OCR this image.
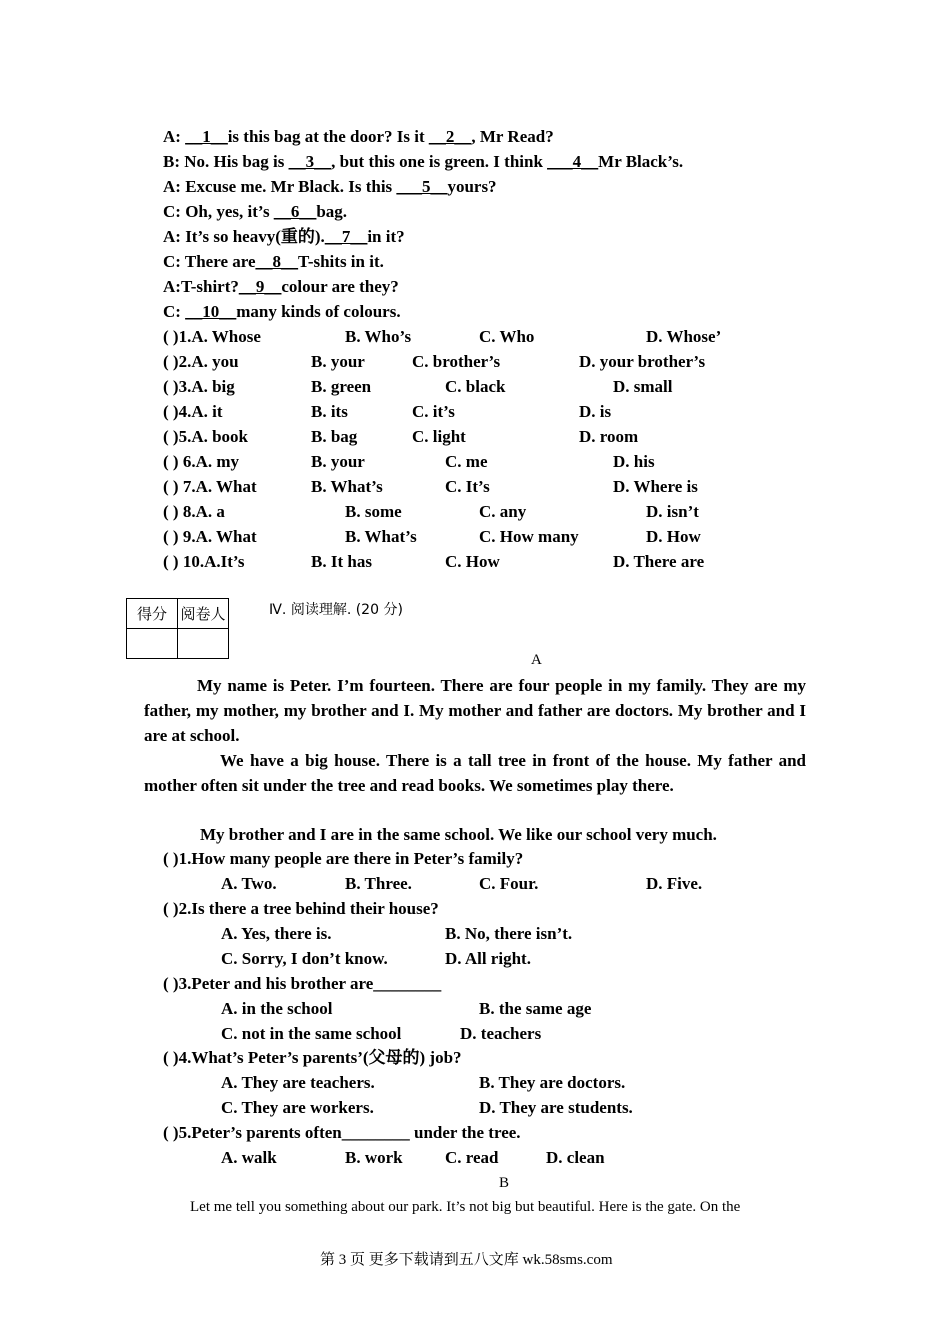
A: __1__is this bag at the door? Is it __2__, Mr Read?
B: No. His bag is __3__, but this one is green. I think ___4__Mr Black’s.
A: Excuse me. Mr Black. Is this ___5__yours?
C: Oh, yes, it’s __6__bag.
A: It’s so heavy(重的).__7__in it?
C: There are__8__T-shits in it.
A:T-shirt?__9__colour are they?
C: __10__many kinds of colours.
( )1.A. Whose	B. Who’s	C. Who	D. Whose’
( )2.A. you	B. your	C. brother’s	D. your brother’s
( )3.A. big	B. green	C. black	D. small
( )4.A. it	B. its	C. it’s	D. is
( )5.A. book	B. bag	C. light	D. room
( ) 6.A. my	B. your	C. me	D. his
( ) 7.A. What	B. What’s	C. It’s	D. Where is
( ) 8.A. a	B. some	C. any	D. isn’t
( ) 9.A. What	B. What’s	C. How many	D. How
( ) 10.A.It’s	B. It has	C. How	D. There are
得分	阅卷人
		Ⅳ. 阅读理解. (20 分)
A
My name is Peter. I’m fourteen. There are four people in my family. They are my father, my mother, my brother and I. My mother and father are doctors. My brother and I are at school.
We have a big house. There is a tall tree in front of the house. My father and mother often sit under the tree and read books. We sometimes play there.
My brother and I are in the same school. We like our school very much.
( )1.How many people are there in Peter’s family?
A. Two.	B. Three.	C. Four.	D. Five.
( )2.Is there a tree behind their house?
A. Yes, there is.	B. No, there isn’t.
C. Sorry, I don’t know.	D. All right.
( )3.Peter and his brother are________
A. in the school	B. the same age
C. not in the same school	D. teachers
( )4.What’s Peter’s parents’(父母的) job?
A. They are teachers.	B. They are doctors.
C. They are workers.	D. They are students.
( )5.Peter’s parents often________ under the tree.
A. walk	B. work C. read	D. clean
B
Let me tell you something about our park. It’s not big but beautiful. Here is the gate. On the
第 3 页 更多下载请到五八文库 wk.58sms.com
